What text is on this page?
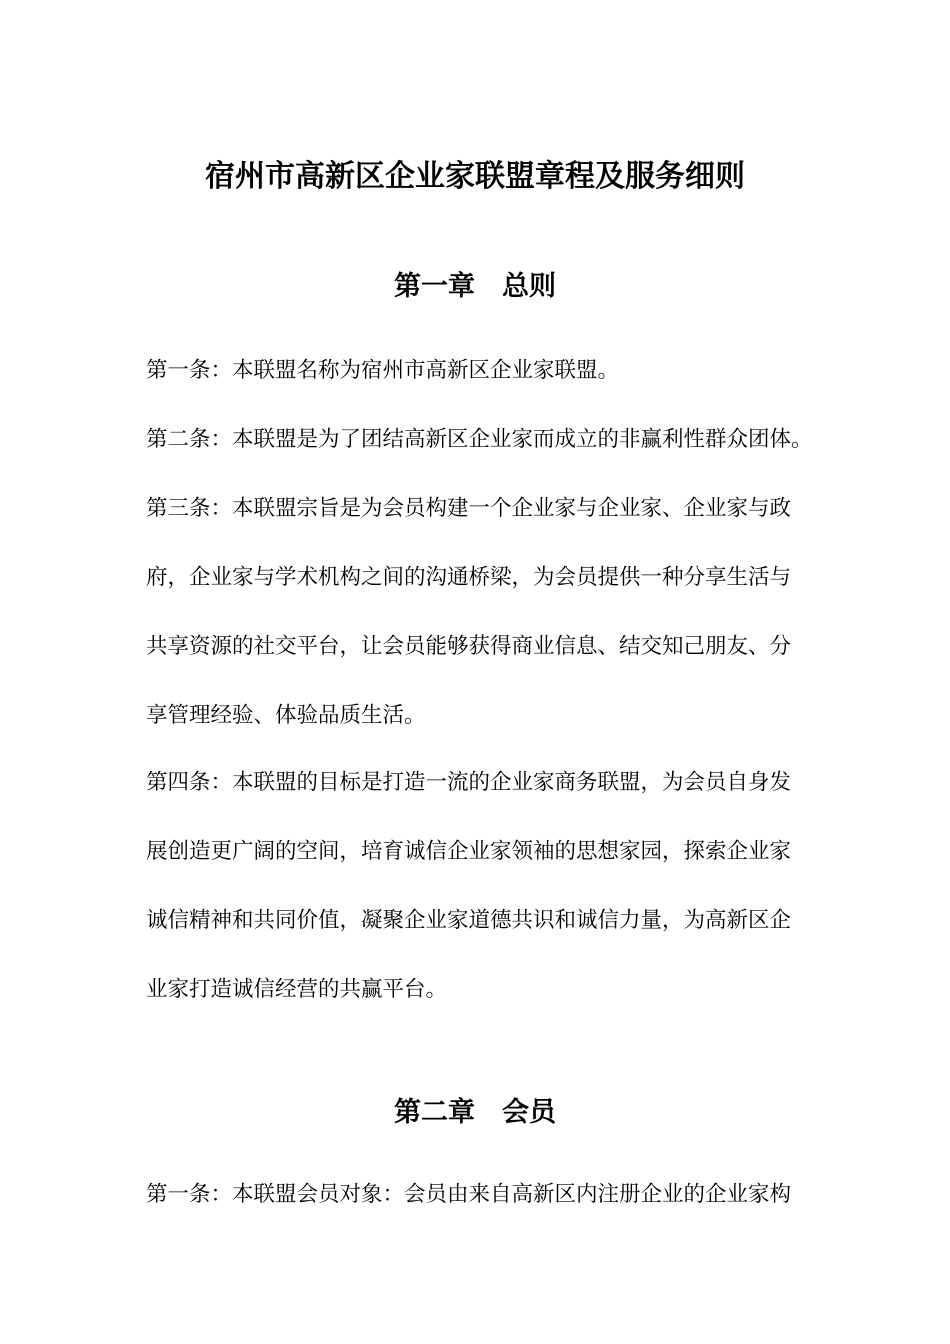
宿州市高新区企业家联盟章程及服务细则
第一章　总则

第一条：本联盟名称为宿州市高新区企业家联盟。

第二条：本联盟是为了团结高新区企业家而成立的非赢利性群众团体。

第三条：本联盟宗旨是为会员构建一个企业家与企业家、企业家与政

府，企业家与学术机构之间的沟通桥梁，为会员提供一种分享生活与

共享资源的社交平台，让会员能够获得商业信息、结交知己朋友、分

享管理经验、体验品质生活。

第四条：本联盟的目标是打造一流的企业家商务联盟，为会员自身发

展创造更广阔的空间，培育诚信企业家领袖的思想家园，探索企业家

诚信精神和共同价值，凝聚企业家道德共识和诚信力量，为高新区企

业家打造诚信经营的共赢平台。

第二章　会员

第一条：本联盟会员对象：会员由来自高新区内注册企业的企业家构
